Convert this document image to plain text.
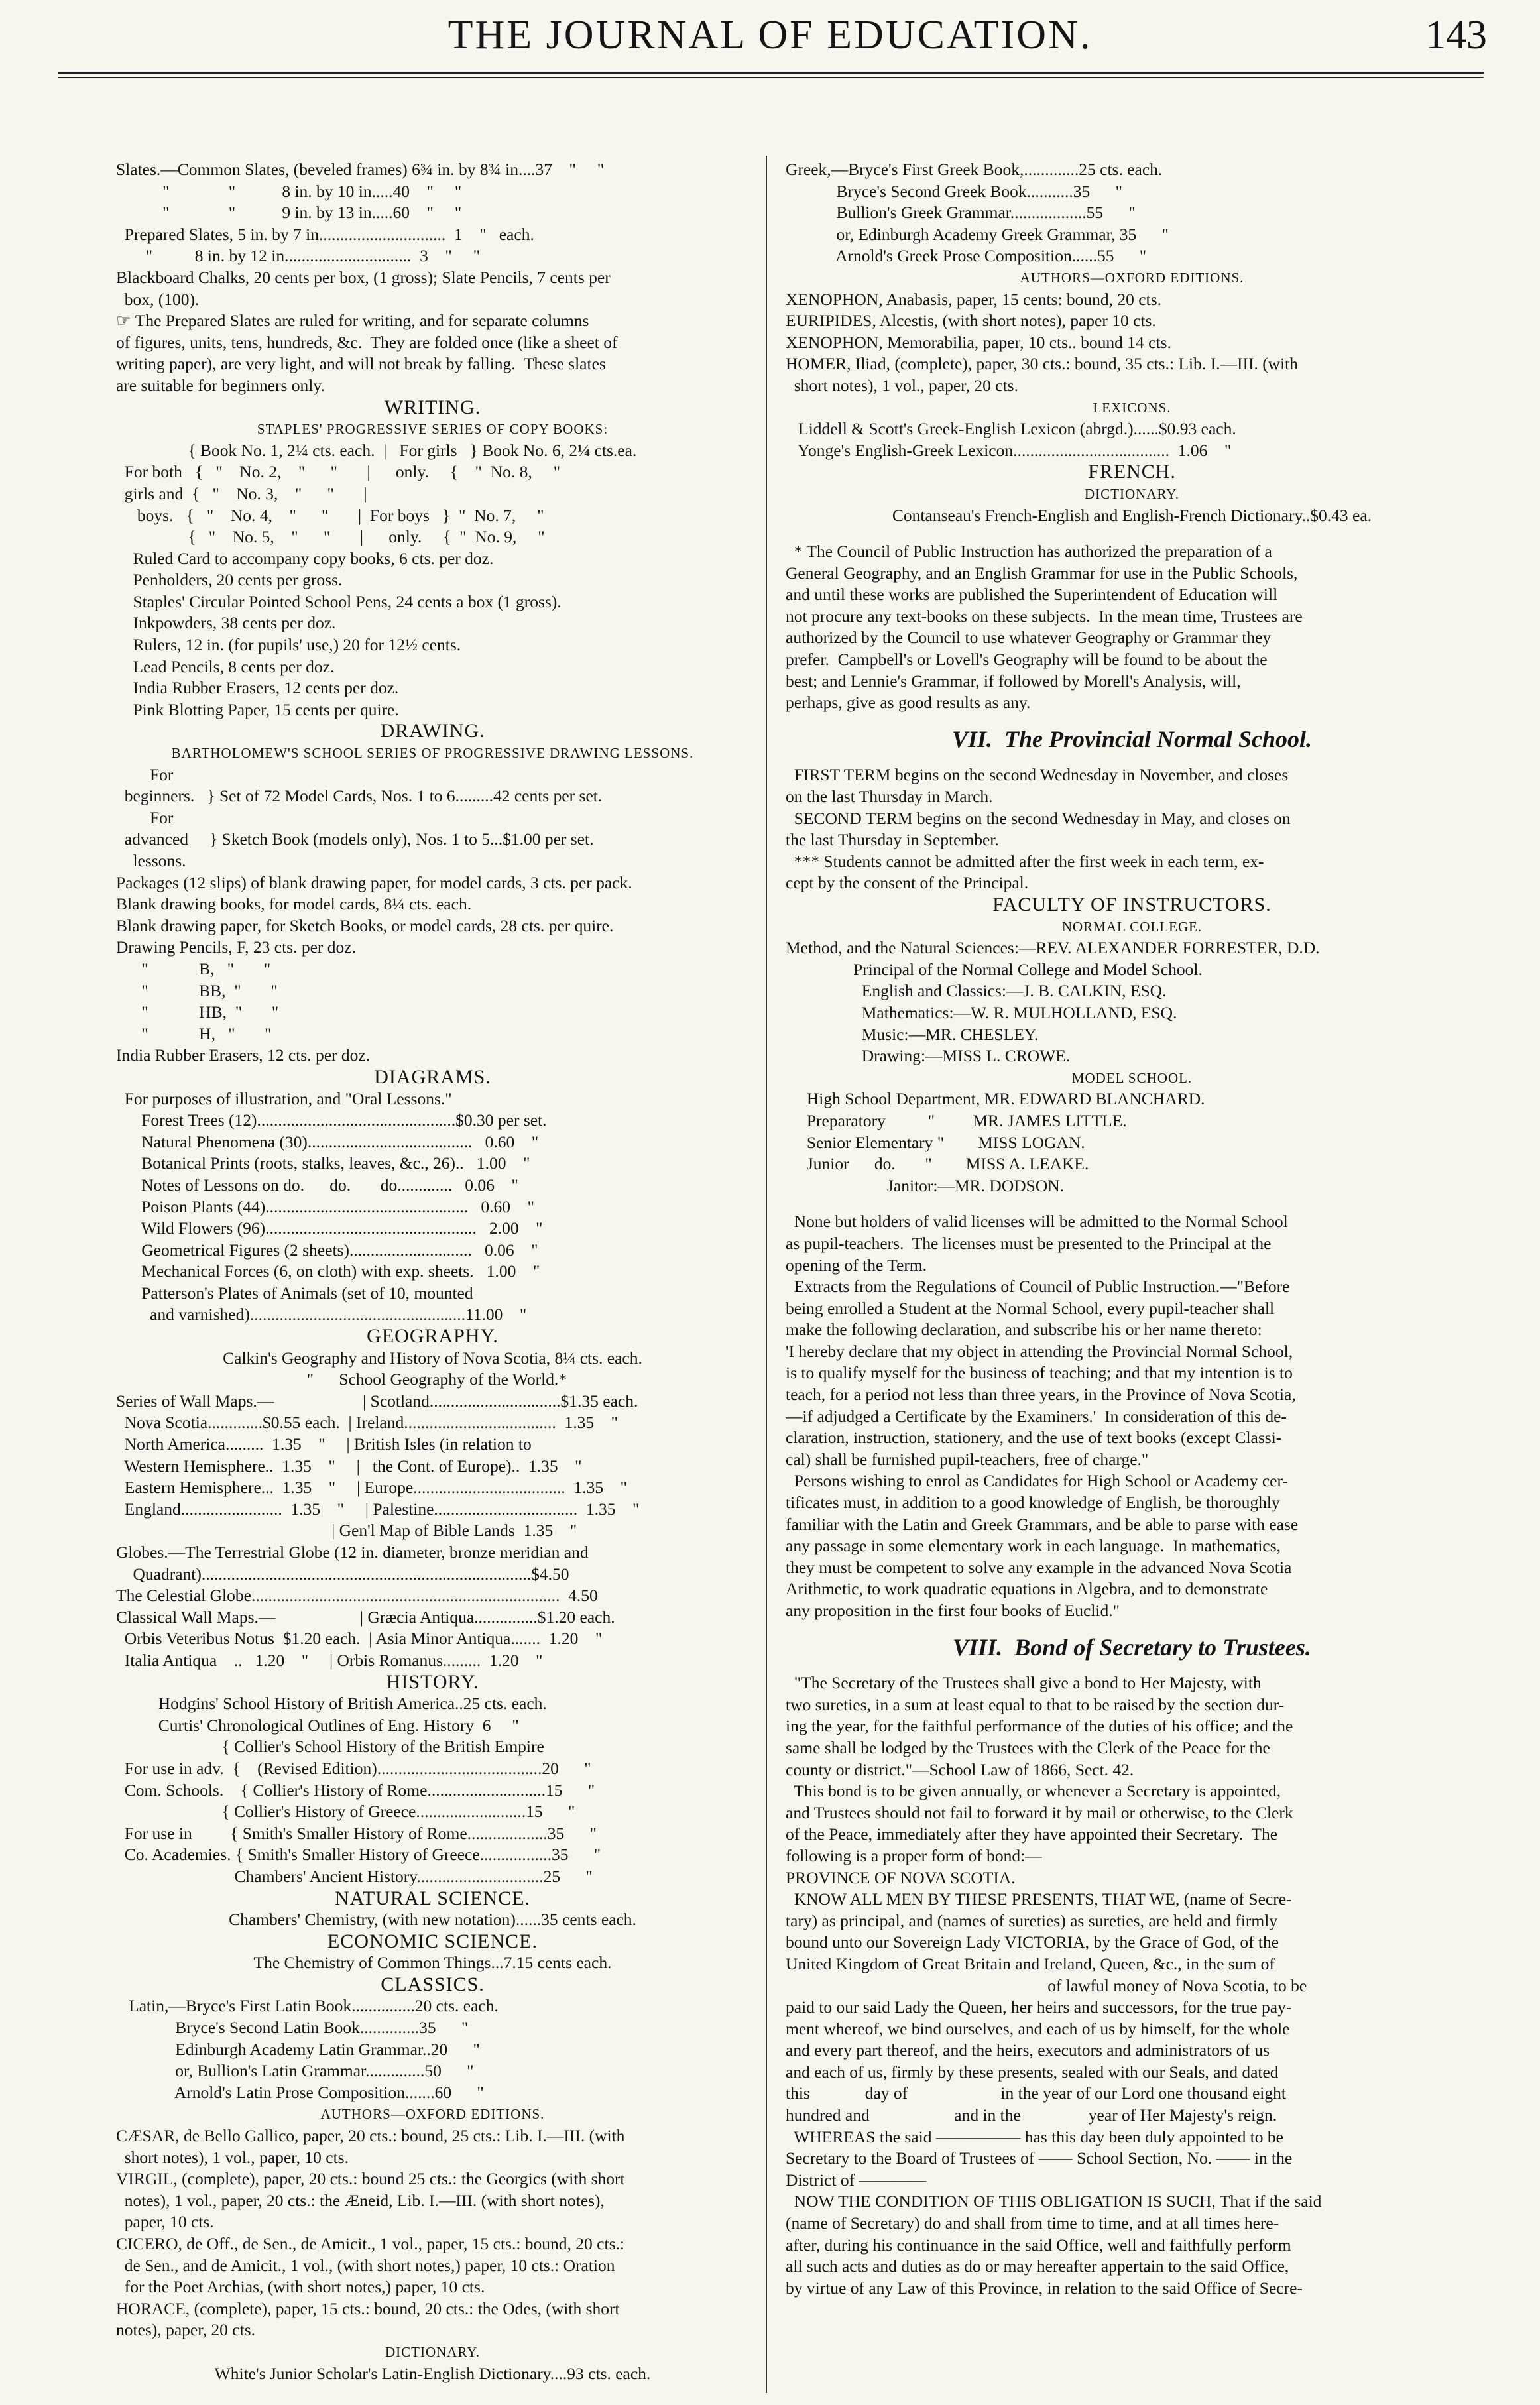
THE JOURNAL OF EDUCATION.	143
Slates.—Common Slates, (beveled frames) 6¾ in. by 8¾ in....37    "     "
"              "           8 in. by 10 in.....40    "     "
"              "           9 in. by 13 in.....60    "     "
Prepared Slates, 5 in. by 7 in..............................  1    "   each.
"          8 in. by 12 in..............................  3    "     "
Blackboard Chalks, 20 cents per box, (1 gross); Slate Pencils, 7 cents per
box, (100).
☞ The Prepared Slates are ruled for writing, and for separate columns
of figures, units, tens, hundreds, &c.  They are folded once (like a sheet of
writing paper), are very light, and will not break by falling.  These slates
are suitable for beginners only.
WRITING.
STAPLES' PROGRESSIVE SERIES OF COPY BOOKS:
{ Book No. 1, 2¼ cts. each.  |   For girls   } Book No. 6, 2¼ cts.ea.
For both   {   "    No. 2,    "      "       |      only.     {    "  No. 8,     "
girls and  {   "    No. 3,    "      "       |
boys.   {   "    No. 4,    "      "       |  For boys   }  "  No. 7,     "
{   "    No. 5,    "      "       |      only.     {  "  No. 9,     "
Ruled Card to accompany copy books, 6 cts. per doz.
Penholders, 20 cents per gross.
Staples' Circular Pointed School Pens, 24 cents a box (1 gross).
Inkpowders, 38 cents per doz.
Rulers, 12 in. (for pupils' use,) 20 for 12½ cents.
Lead Pencils, 8 cents per doz.
India Rubber Erasers, 12 cents per doz.
Pink Blotting Paper, 15 cents per quire.
DRAWING.
BARTHOLOMEW'S SCHOOL SERIES OF PROGRESSIVE DRAWING LESSONS.
For
beginners.   } Set of 72 Model Cards, Nos. 1 to 6.........42 cents per set.
For
advanced     } Sketch Book (models only), Nos. 1 to 5...$1.00 per set.
lessons.
Packages (12 slips) of blank drawing paper, for model cards, 3 cts. per pack.
Blank drawing books, for model cards, 8¼ cts. each.
Blank drawing paper, for Sketch Books, or model cards, 28 cts. per quire.
Drawing Pencils, F, 23 cts. per doz.
"            B,   "       "
"            BB,  "       "
"            HB,  "       "
"            H,   "       "
India Rubber Erasers, 12 cts. per doz.
DIAGRAMS.
For purposes of illustration, and "Oral Lessons."
Forest Trees (12)...............................................$0.30 per set.
Natural Phenomena (30).......................................   0.60    "
Botanical Prints (roots, stalks, leaves, &c., 26)..   1.00    "
Notes of Lessons on do.      do.       do.............   0.06    "
Poison Plants (44)................................................   0.60    "
Wild Flowers (96)..................................................   2.00    "
Geometrical Figures (2 sheets).............................   0.06    "
Mechanical Forces (6, on cloth) with exp. sheets.   1.00    "
Patterson's Plates of Animals (set of 10, mounted
and varnished)...................................................11.00    "
GEOGRAPHY.
Calkin's Geography and History of Nova Scotia, 8¼ cts. each.
"      School Geography of the World.*
Series of Wall Maps.—                     | Scotland...............................$1.35 each.
Nova Scotia.............$0.55 each.  | Ireland....................................  1.35    "
North America.........  1.35    "     | British Isles (in relation to
Western Hemisphere..  1.35    "     |   the Cont. of Europe)..  1.35    "
Eastern Hemisphere...  1.35    "     | Europe....................................  1.35    "
England........................  1.35    "     | Palestine..................................  1.35    "
| Gen'l Map of Bible Lands  1.35    "
Globes.—The Terrestrial Globe (12 in. diameter, bronze meridian and
Quadrant)..............................................................................$4.50
The Celestial Globe.........................................................................  4.50
Classical Wall Maps.—                    | Græcia Antiqua...............$1.20 each.
Orbis Veteribus Notus  $1.20 each.  | Asia Minor Antiqua.......  1.20    "
Italia Antiqua    ..   1.20    "     | Orbis Romanus.........  1.20    "
HISTORY.
Hodgins' School History of British America..25 cts. each.
Curtis' Chronological Outlines of Eng. History  6     "
{ Collier's School History of the British Empire
For use in adv.  {    (Revised Edition).......................................20      "
Com. Schools.    { Collier's History of Rome............................15      "
{ Collier's History of Greece..........................15      "
For use in         { Smith's Smaller History of Rome...................35      "
Co. Academies. { Smith's Smaller History of Greece.................35      "
Chambers' Ancient History..............................25      "
NATURAL SCIENCE.
Chambers' Chemistry, (with new notation)......35 cents each.
ECONOMIC SCIENCE.
The Chemistry of Common Things...7.15 cents each.
CLASSICS.
Latin,—Bryce's First Latin Book...............20 cts. each.
Bryce's Second Latin Book..............35      "
Edinburgh Academy Latin Grammar..20      "
or, Bullion's Latin Grammar..............50      "
Arnold's Latin Prose Composition.......60      "
AUTHORS—OXFORD EDITIONS.
CÆSAR, de Bello Gallico, paper, 20 cts.: bound, 25 cts.: Lib. I.—III. (with
short notes), 1 vol., paper, 10 cts.
VIRGIL, (complete), paper, 20 cts.: bound 25 cts.: the Georgics (with short
notes), 1 vol., paper, 20 cts.: the Æneid, Lib. I.—III. (with short notes),
paper, 10 cts.
CICERO, de Off., de Sen., de Amicit., 1 vol., paper, 15 cts.: bound, 20 cts.:
de Sen., and de Amicit., 1 vol., (with short notes,) paper, 10 cts.: Oration
for the Poet Archias, (with short notes,) paper, 10 cts.
HORACE, (complete), paper, 15 cts.: bound, 20 cts.: the Odes, (with short
notes), paper, 20 cts.
DICTIONARY.
White's Junior Scholar's Latin-English Dictionary....93 cts. each.
Greek,—Bryce's First Greek Book,.............25 cts. each.
Bryce's Second Greek Book...........35      "
Bullion's Greek Grammar..................55      "
or, Edinburgh Academy Greek Grammar, 35      "
Arnold's Greek Prose Composition......55      "
AUTHORS—OXFORD EDITIONS.
XENOPHON, Anabasis, paper, 15 cents: bound, 20 cts.
EURIPIDES, Alcestis, (with short notes), paper 10 cts.
XENOPHON, Memorabilia, paper, 10 cts.. bound 14 cts.
HOMER, Iliad, (complete), paper, 30 cts.: bound, 35 cts.: Lib. I.—III. (with
short notes), 1 vol., paper, 20 cts.
LEXICONS.
Liddell & Scott's Greek-English Lexicon (abrgd.)......$0.93 each.
Yonge's English-Greek Lexicon.....................................  1.06    "
FRENCH.
DICTIONARY.
Contanseau's French-English and English-French Dictionary..$0.43 ea.
* The Council of Public Instruction has authorized the preparation of a
General Geography, and an English Grammar for use in the Public Schools,
and until these works are published the Superintendent of Education will
not procure any text-books on these subjects.  In the mean time, Trustees are
authorized by the Council to use whatever Geography or Grammar they
prefer.  Campbell's or Lovell's Geography will be found to be about the
best; and Lennie's Grammar, if followed by Morell's Analysis, will,
perhaps, give as good results as any.
VII.  The Provincial Normal School.
FIRST TERM begins on the second Wednesday in November, and closes
on the last Thursday in March.
SECOND TERM begins on the second Wednesday in May, and closes on
the last Thursday in September.
*** Students cannot be admitted after the first week in each term, ex-
cept by the consent of the Principal.
FACULTY OF INSTRUCTORS.
NORMAL COLLEGE.
Method, and the Natural Sciences:—REV. ALEXANDER FORRESTER, D.D.
Principal of the Normal College and Model School.
English and Classics:—J. B. CALKIN, ESQ.
Mathematics:—W. R. MULHOLLAND, ESQ.
Music:—MR. CHESLEY.
Drawing:—MISS L. CROWE.
MODEL SCHOOL.
High School Department, MR. EDWARD BLANCHARD.
Preparatory          "         MR. JAMES LITTLE.
Senior Elementary "        MISS LOGAN.
Junior      do.       "        MISS A. LEAKE.
Janitor:—MR. DODSON.
None but holders of valid licenses will be admitted to the Normal School
as pupil-teachers.  The licenses must be presented to the Principal at the
opening of the Term.
Extracts from the Regulations of Council of Public Instruction.—"Before
being enrolled a Student at the Normal School, every pupil-teacher shall
make the following declaration, and subscribe his or her name thereto:
'I hereby declare that my object in attending the Provincial Normal School,
is to qualify myself for the business of teaching; and that my intention is to
teach, for a period not less than three years, in the Province of Nova Scotia,
—if adjudged a Certificate by the Examiners.'  In consideration of this de-
claration, instruction, stationery, and the use of text books (except Classi-
cal) shall be furnished pupil-teachers, free of charge."
Persons wishing to enrol as Candidates for High School or Academy cer-
tificates must, in addition to a good knowledge of English, be thoroughly
familiar with the Latin and Greek Grammars, and be able to parse with ease
any passage in some elementary work in each language.  In mathematics,
they must be competent to solve any example in the advanced Nova Scotia
Arithmetic, to work quadratic equations in Algebra, and to demonstrate
any proposition in the first four books of Euclid."
VIII.  Bond of Secretary to Trustees.
"The Secretary of the Trustees shall give a bond to Her Majesty, with
two sureties, in a sum at least equal to that to be raised by the section dur-
ing the year, for the faithful performance of the duties of his office; and the
same shall be lodged by the Trustees with the Clerk of the Peace for the
county or district."—School Law of 1866, Sect. 42.
This bond is to be given annually, or whenever a Secretary is appointed,
and Trustees should not fail to forward it by mail or otherwise, to the Clerk
of the Peace, immediately after they have appointed their Secretary.  The
following is a proper form of bond:—
PROVINCE OF NOVA SCOTIA.
KNOW ALL MEN BY THESE PRESENTS, THAT WE, (name of Secre-
tary) as principal, and (names of sureties) as sureties, are held and firmly
bound unto our Sovereign Lady VICTORIA, by the Grace of God, of the
United Kingdom of Great Britain and Ireland, Queen, &c., in the sum of
of lawful money of Nova Scotia, to be
paid to our said Lady the Queen, her heirs and successors, for the true pay-
ment whereof, we bind ourselves, and each of us by himself, for the whole
and every part thereof, and the heirs, executors and administrators of us
and each of us, firmly by these presents, sealed with our Seals, and dated
this             day of                      in the year of our Lord one thousand eight
hundred and                    and in the                year of Her Majesty's reign.
WHEREAS the said ————— has this day been duly appointed to be
Secretary to the Board of Trustees of —— School Section, No. —— in the
District of ————
NOW THE CONDITION OF THIS OBLIGATION IS SUCH, That if the said
(name of Secretary) do and shall from time to time, and at all times here-
after, during his continuance in the said Office, well and faithfully perform
all such acts and duties as do or may hereafter appertain to the said Office,
by virtue of any Law of this Province, in relation to the said Office of Secre-
